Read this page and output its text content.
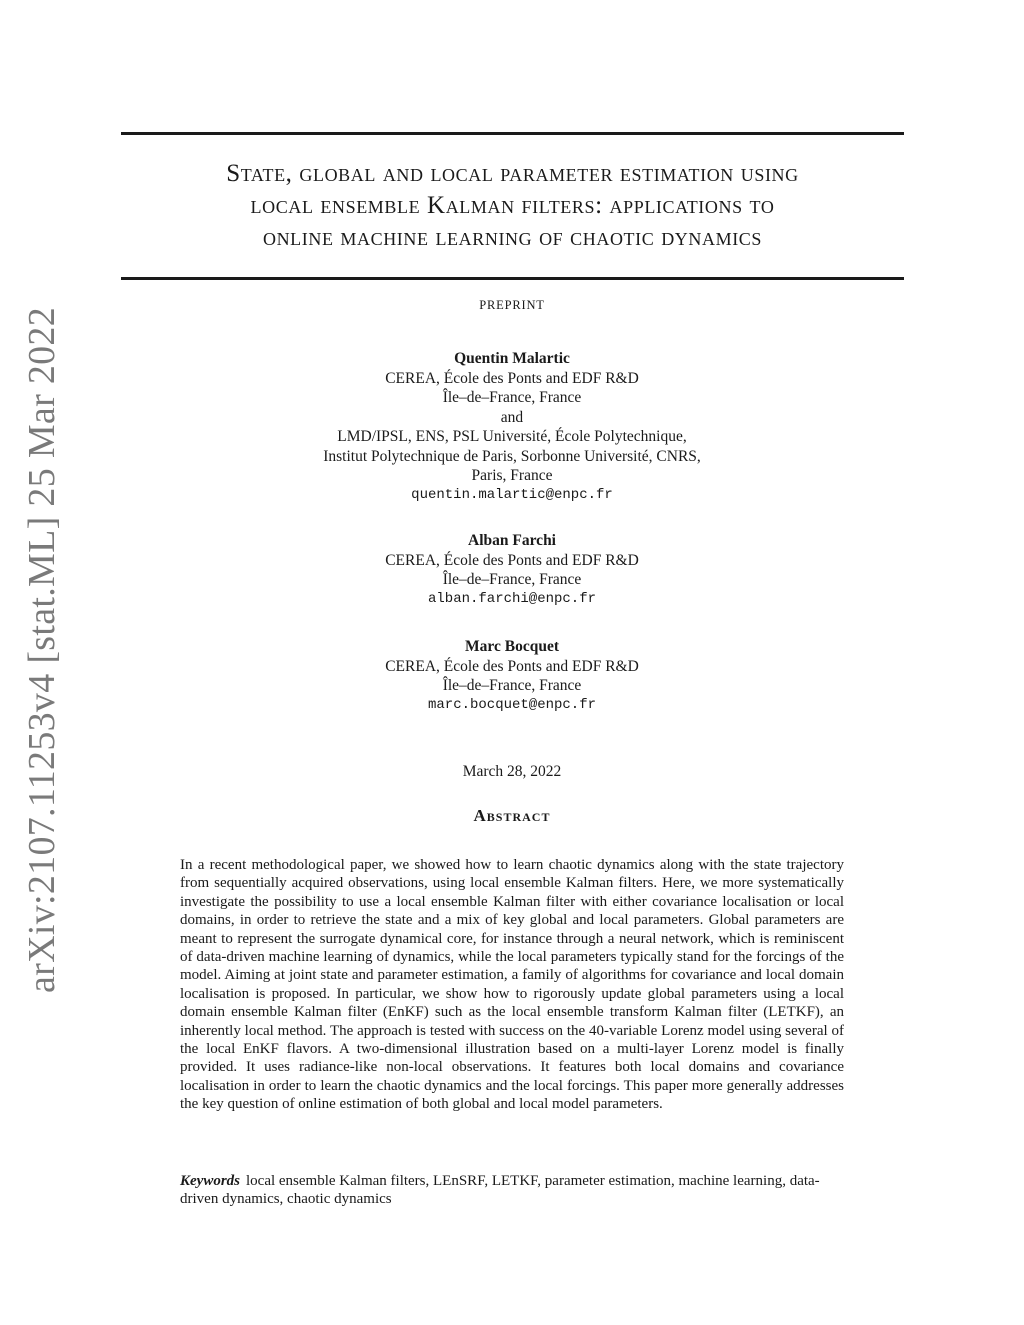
arXiv:2107.11253v4 [stat.ML] 25 Mar 2022
State, global and local parameter estimation using
local ensemble Kalman filters: applications to
online machine learning of chaotic dynamics
PREPRINT
Quentin Malartic
CEREA, École des Ponts and EDF R&D
Île–de–France, France
and
LMD/IPSL, ENS, PSL Université, École Polytechnique,
Institut Polytechnique de Paris, Sorbonne Université, CNRS,
Paris, France
quentin.malartic@enpc.fr
Alban Farchi
CEREA, École des Ponts and EDF R&D
Île–de–France, France
alban.farchi@enpc.fr
Marc Bocquet
CEREA, École des Ponts and EDF R&D
Île–de–France, France
marc.bocquet@enpc.fr
March 28, 2022
Abstract

In a recent methodological paper, we showed how to learn chaotic dynamics along with the state trajectory from sequentially acquired observations, using local ensemble Kalman filters. Here, we more systematically investigate the possibility to use a local ensemble Kalman filter with either covariance localisation or local domains, in order to retrieve the state and a mix of key global and local parameters. Global parameters are meant to represent the surrogate dynamical core, for instance through a neural network, which is reminiscent of data-driven machine learning of dynamics, while the local parameters typically stand for the forcings of the model. Aiming at joint state and parameter estimation, a family of algorithms for covariance and local domain localisation is proposed. In particular, we show how to rigorously update global parameters using a local domain ensemble Kalman filter (EnKF) such as the local ensemble transform Kalman filter (LETKF), an inherently local method. The approach is tested with success on the 40-variable Lorenz model using several of the local EnKF flavors. A two-dimensional illustration based on a multi-layer Lorenz model is finally provided. It uses radiance-like non-local observations. It features both local domains and covariance localisation in order to learn the chaotic dynamics and the local forcings. This paper more generally addresses the key question of online estimation of both global and local model parameters.

Keywords local ensemble Kalman filters, LEnSRF, LETKF, parameter estimation, machine learning, data-driven dynamics, chaotic dynamics
